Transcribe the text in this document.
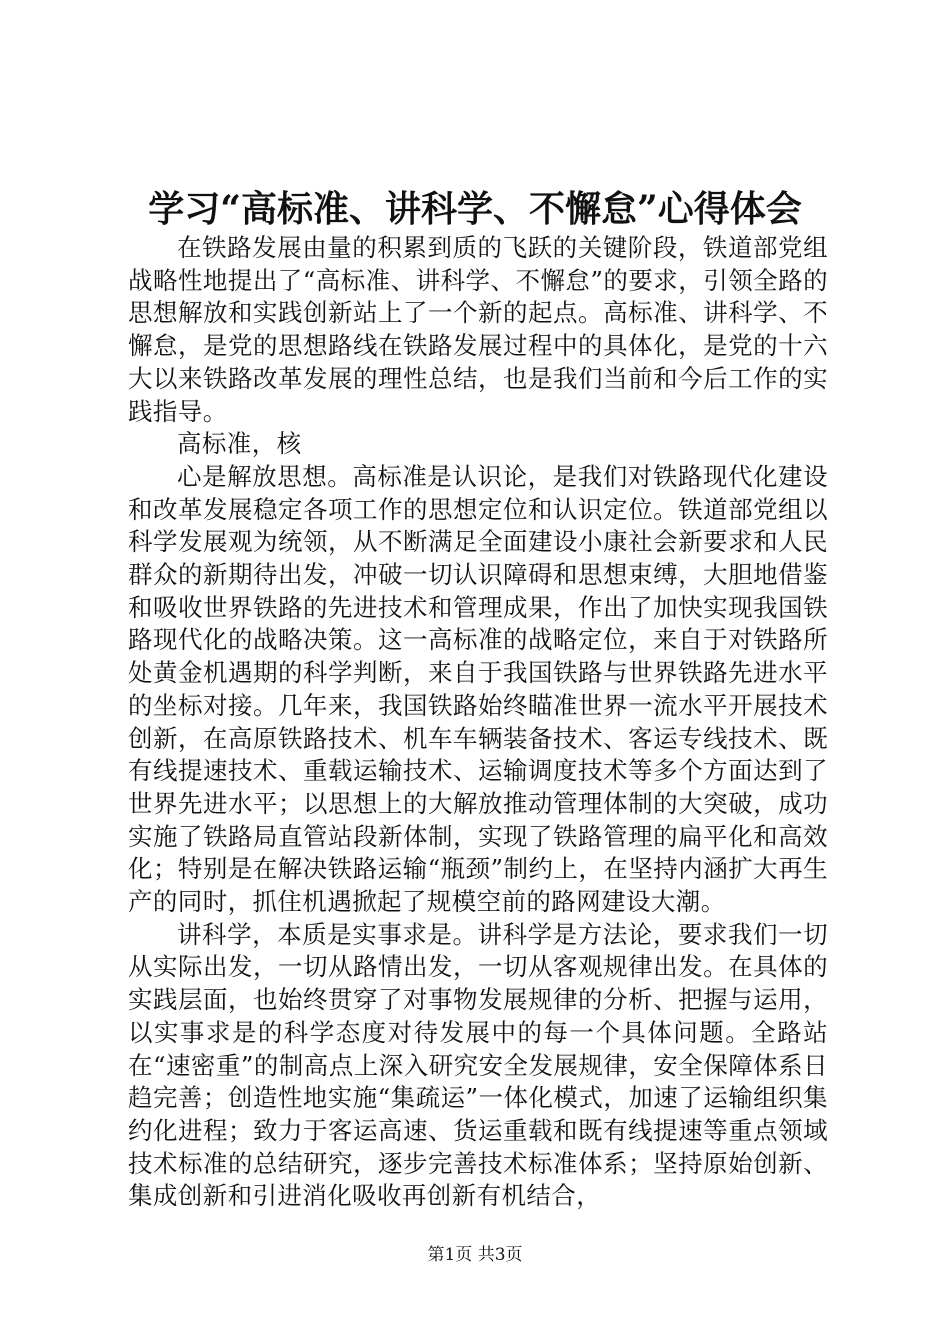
学习“高标准、讲科学、不懈怠”心得体会

在铁路发展由量的积累到质的飞跃的关键阶段，铁道部党组战略性地提出了“高标准、讲科学、不懈怠”的要求，引领全路的思想解放和实践创新站上了一个新的起点。高标准、讲科学、不懈怠，是党的思想路线在铁路发展过程中的具体化，是党的十六大以来铁路改革发展的理性总结，也是我们当前和今后工作的实践指导。

高标准，核

心是解放思想。高标准是认识论，是我们对铁路现代化建设和改革发展稳定各项工作的思想定位和认识定位。铁道部党组以科学发展观为统领，从不断满足全面建设小康社会新要求和人民群众的新期待出发，冲破一切认识障碍和思想束缚，大胆地借鉴和吸收世界铁路的先进技术和管理成果，作出了加快实现我国铁路现代化的战略决策。这一高标准的战略定位，来自于对铁路所处黄金机遇期的科学判断，来自于我国铁路与世界铁路先进水平的坐标对接。几年来，我国铁路始终瞄准世界一流水平开展技术创新，在高原铁路技术、机车车辆装备技术、客运专线技术、既有线提速技术、重载运输技术、运输调度技术等多个方面达到了世界先进水平；以思想上的大解放推动管理体制的大突破，成功实施了铁路局直管站段新体制，实现了铁路管理的扁平化和高效化；特别是在解决铁路运输“瓶颈”制约上，在坚持内涵扩大再生产的同时，抓住机遇掀起了规模空前的路网建设大潮。

讲科学，本质是实事求是。讲科学是方法论，要求我们一切从实际出发，一切从路情出发，一切从客观规律出发。在具体的实践层面，也始终贯穿了对事物发展规律的分析、把握与运用，以实事求是的科学态度对待发展中的每一个具体问题。全路站在“速密重”的制高点上深入研究安全发展规律，安全保障体系日趋完善；创造性地实施“集疏运”一体化模式，加速了运输组织集约化进程；致力于客运高速、货运重载和既有线提速等重点领域技术标准的总结研究，逐步完善技术标准体系；坚持原始创新、集成创新和引进消化吸收再创新有机结合，

第1页 共3页
